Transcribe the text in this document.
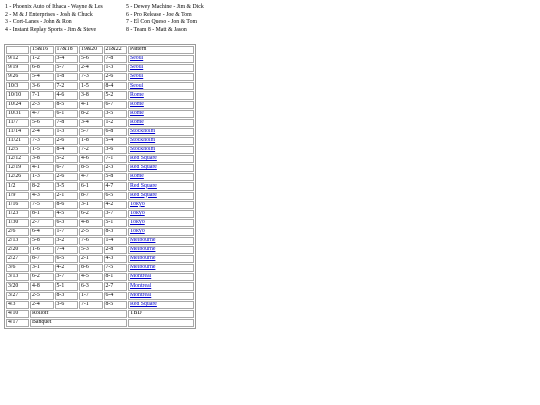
1 - Phoenix Auto of Ithaca - Wayne & Les
2 - M & J Enterprises - Josh & Chuck
3 - Cort-Lanes - John & Ron
4 - Instant Replay Sports - Jim & Steve
5 - Dewey Machine - Jim & Dick
6 - Pro Release - Joe & Tom
7 - El Con Queso - Jon & Tom
8 - Team 8 - Matt & Jason
	15&16	17&18	19&20	21&22	Pattern
9/12	1-2	3-4	5-6	7-8	Seoul
9/19	6-8	5-7	2-4	1-3	Seoul
9/26	5-4	1-8	7-3	2-6	Seoul
10/3	3-6	7-2	1-5	8-4	Seoul
10/10	7-1	4-6	3-8	5-2	Rome
10/24	2-3	8-5	4-1	6-7	Rome
10/31	4-7	6-1	8-2	3-5	Rome
11/7	5-6	7-8	3-4	1-2	Rome
11/14	2-4	1-3	5-7	6-8	Stockholm
11/21	7-3	2-6	1-8	5-4	Stockholm
12/5	1-5	8-4	7-2	3-6	Stockholm
12/12	3-8	5-2	4-6	7-1	Red Square
12/19	4-1	6-7	8-5	2-3	Red Square
12/26	1-3	2-6	4-7	5-8	Rome
1/2	8-2	3-5	6-1	4-7	Red Square
1/9	4-3	2-1	8-7	6-5	Red Square
1/16	7-5	8-6	3-1	4-2	Tokyo
1/23	8-1	4-5	6-2	3-7	Tokyo
1/30	2-7	6-3	4-8	5-1	Tokyo
2/6	6-4	1-7	2-5	8-3	Tokyo
2/13	5-8	3-2	7-6	1-4	Melbourne
2/20	1-6	7-4	5-3	2-8	Melbourne
2/27	8-7	6-5	2-1	4-3	Melbourne
3/6	3-1	4-2	8-6	7-5	Melbourne
3/13	6-2	3-7	4-5	8-1	Montreal
3/20	4-8	5-1	6-3	2-7	Montreal
3/27	2-5	8-3	1-7	6-4	Montreal
4/3	2-4	3-6	7-1	8-5	Red Square
4/10	Rolloff				TBD
4/17	Banquet				
